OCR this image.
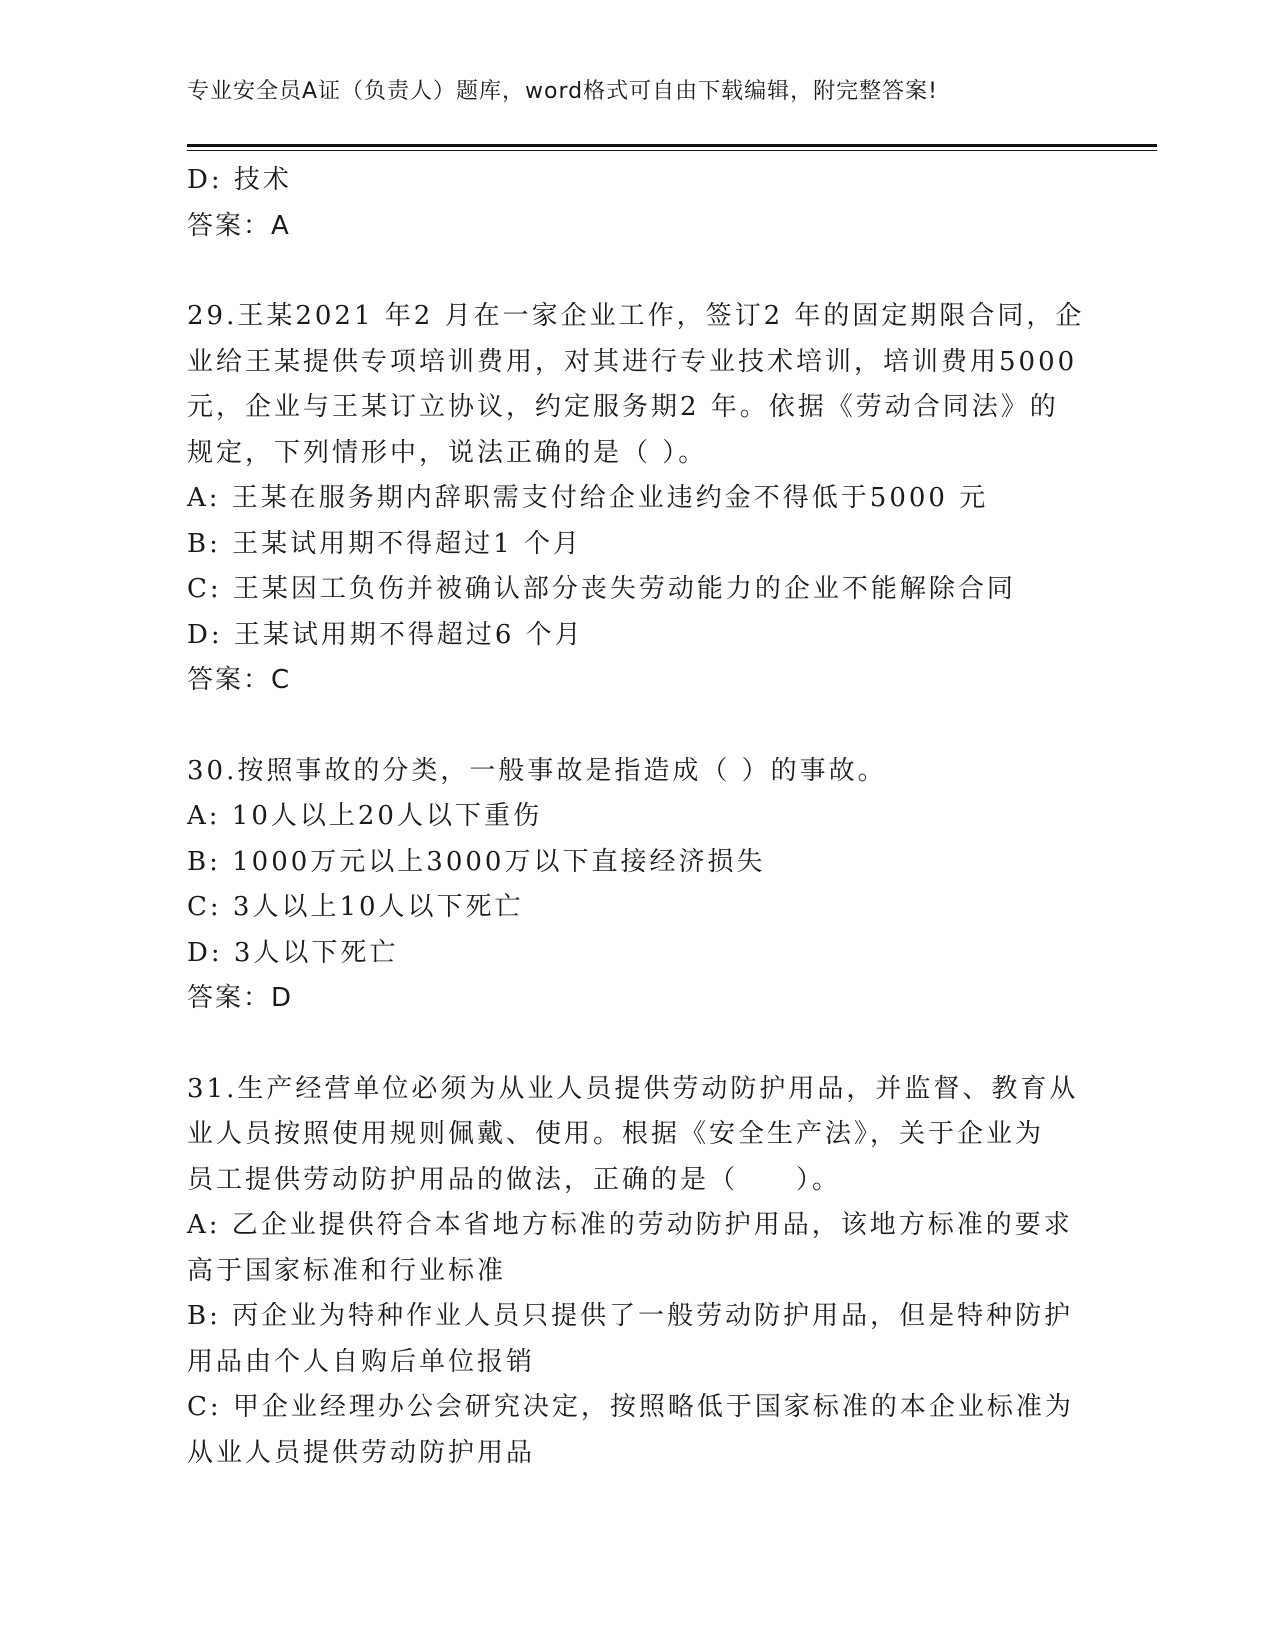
专业安全员A证（负责人）题库，word格式可自由下载编辑，附完整答案!
D: 技术
答案：A
29.王某2021 年2 月在一家企业工作，签订2 年的固定期限合同，企
业给王某提供专项培训费用，对其进行专业技术培训，培训费用5000
元，企业与王某订立协议，约定服务期2 年。依据《劳动合同法》的
规定，下列情形中，说法正确的是（ ）。
A: 王某在服务期内辞职需支付给企业违约金不得低于5000 元
B: 王某试用期不得超过1 个月
C: 王某因工负伤并被确认部分丧失劳动能力的企业不能解除合同
D: 王某试用期不得超过6 个月
答案：C
30.按照事故的分类，一般事故是指造成（ ）的事故。
A: 10人以上20人以下重伤
B: 1000万元以上3000万以下直接经济损失
C: 3人以上10人以下死亡
D: 3人以下死亡
答案：D
31.生产经营单位必须为从业人员提供劳动防护用品，并监督、教育从
业人员按照使用规则佩戴、使用。根据《安全生产法》，关于企业为
员工提供劳动防护用品的做法，正确的是（　　）。
A: 乙企业提供符合本省地方标准的劳动防护用品，该地方标准的要求
高于国家标准和行业标准
B: 丙企业为特种作业人员只提供了一般劳动防护用品，但是特种防护
用品由个人自购后单位报销
C: 甲企业经理办公会研究决定，按照略低于国家标准的本企业标准为
从业人员提供劳动防护用品
